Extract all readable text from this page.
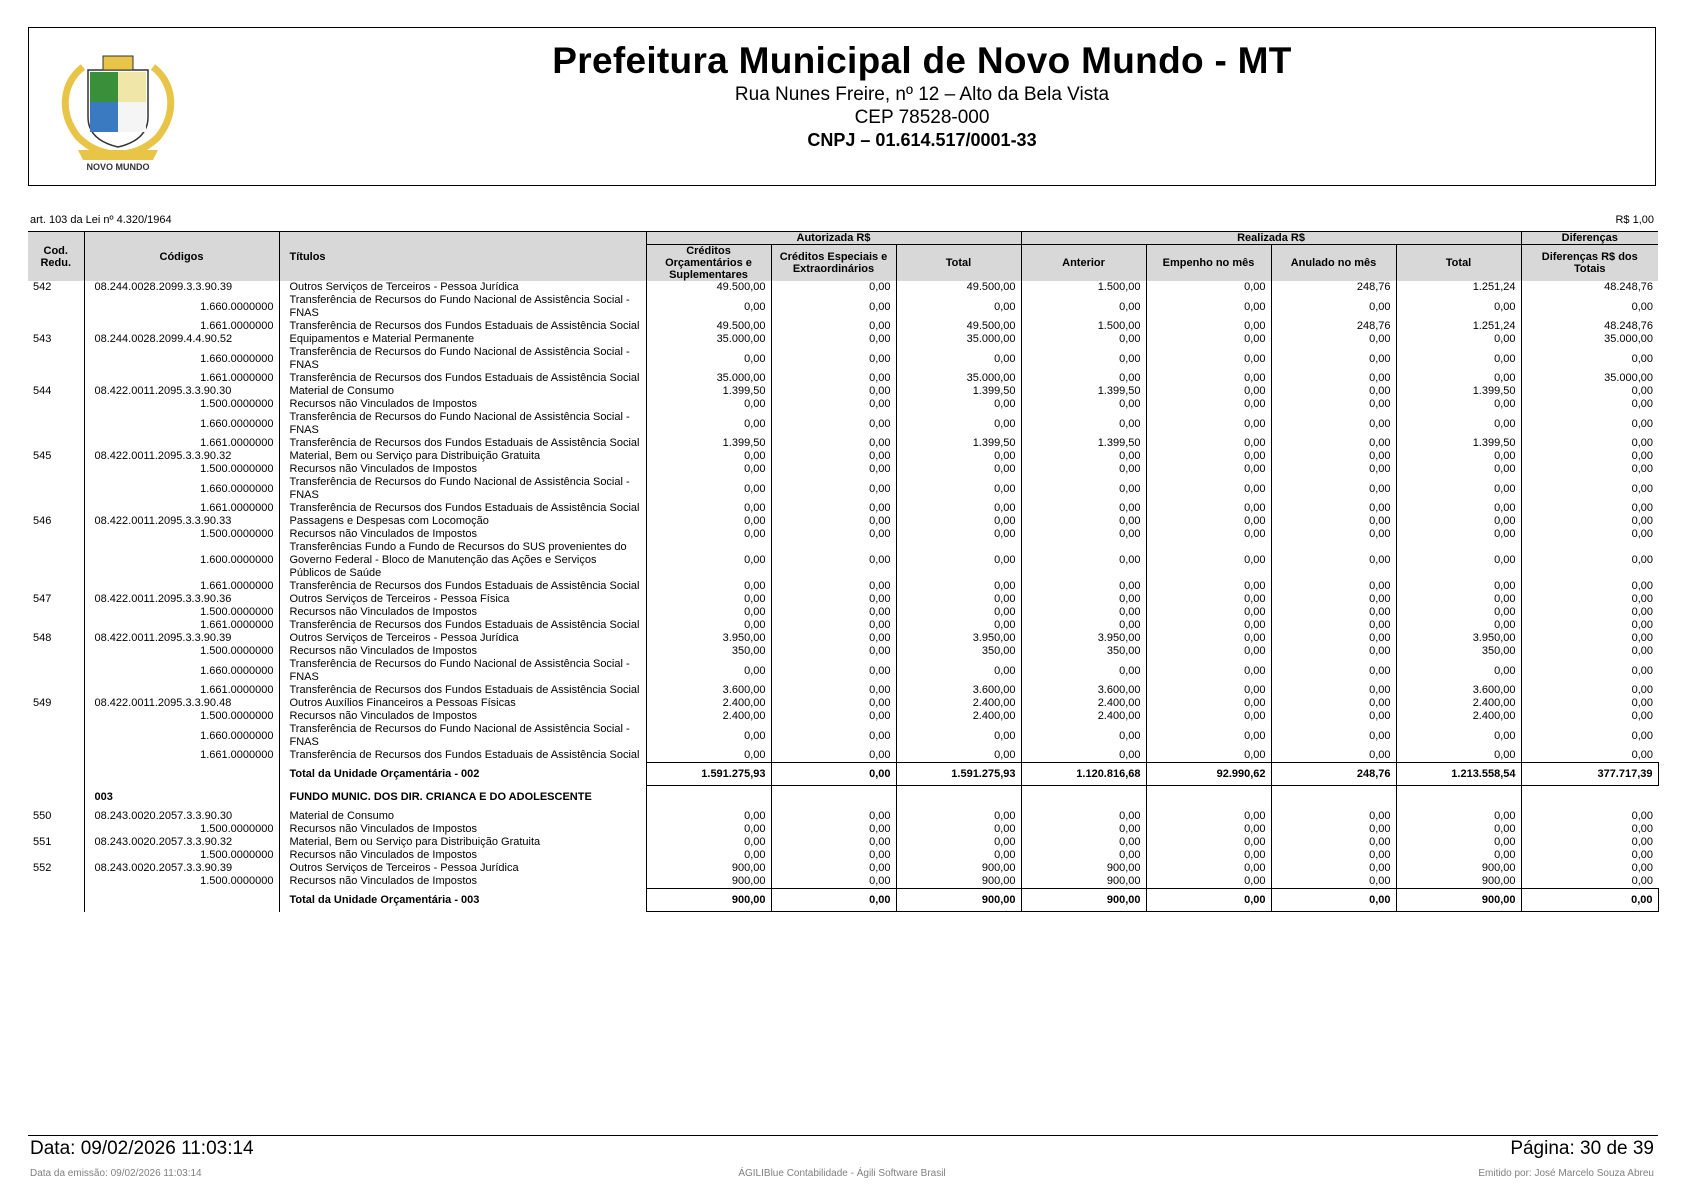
NOVO MUNDO
Prefeitura Municipal de Novo Mundo - MT
Rua Nunes Freire, nº 12 – Alto da Bela Vista
CEP 78528-000
CNPJ – 01.614.517/0001-33
art. 103 da Lei nº 4.320/1964	R$ 1,00
Cod. Redu.	Códigos	Títulos	Autorizada R$			Realizada R$				Diferenças
			Créditos Orçamentários e Suplementares	Créditos Especiais e Extraordinários	Total	Anterior	Empenho no mês	Anulado no mês	Total	Diferenças R$ dos Totais
542	08.244.0028.2099.3.3.90.39	Outros Serviços de Terceiros - Pessoa Jurídica	49.500,00	0,00	49.500,00	1.500,00	0,00	248,76	1.251,24	48.248,76
	1.660.0000000	Transferência de Recursos do Fundo Nacional de Assistência Social - FNAS	0,00	0,00	0,00	0,00	0,00	0,00	0,00	0,00
	1.661.0000000	Transferência de Recursos dos Fundos Estaduais de Assistência Social	49.500,00	0,00	49.500,00	1.500,00	0,00	248,76	1.251,24	48.248,76
543	08.244.0028.2099.4.4.90.52	Equipamentos e Material Permanente	35.000,00	0,00	35.000,00	0,00	0,00	0,00	0,00	35.000,00
	1.660.0000000	Transferência de Recursos do Fundo Nacional de Assistência Social - FNAS	0,00	0,00	0,00	0,00	0,00	0,00	0,00	0,00
	1.661.0000000	Transferência de Recursos dos Fundos Estaduais de Assistência Social	35.000,00	0,00	35.000,00	0,00	0,00	0,00	0,00	35.000,00
544	08.422.0011.2095.3.3.90.30	Material de Consumo	1.399,50	0,00	1.399,50	1.399,50	0,00	0,00	1.399,50	0,00
	1.500.0000000	Recursos não Vinculados de Impostos	0,00	0,00	0,00	0,00	0,00	0,00	0,00	0,00
	1.660.0000000	Transferência de Recursos do Fundo Nacional de Assistência Social - FNAS	0,00	0,00	0,00	0,00	0,00	0,00	0,00	0,00
	1.661.0000000	Transferência de Recursos dos Fundos Estaduais de Assistência Social	1.399,50	0,00	1.399,50	1.399,50	0,00	0,00	1.399,50	0,00
545	08.422.0011.2095.3.3.90.32	Material, Bem ou Serviço para Distribuição Gratuita	0,00	0,00	0,00	0,00	0,00	0,00	0,00	0,00
	1.500.0000000	Recursos não Vinculados de Impostos	0,00	0,00	0,00	0,00	0,00	0,00	0,00	0,00
	1.660.0000000	Transferência de Recursos do Fundo Nacional de Assistência Social - FNAS	0,00	0,00	0,00	0,00	0,00	0,00	0,00	0,00
	1.661.0000000	Transferência de Recursos dos Fundos Estaduais de Assistência Social	0,00	0,00	0,00	0,00	0,00	0,00	0,00	0,00
546	08.422.0011.2095.3.3.90.33	Passagens e Despesas com Locomoção	0,00	0,00	0,00	0,00	0,00	0,00	0,00	0,00
	1.500.0000000	Recursos não Vinculados de Impostos	0,00	0,00	0,00	0,00	0,00	0,00	0,00	0,00
	1.600.0000000	Transferências Fundo a Fundo de Recursos do SUS provenientes do Governo Federal - Bloco de Manutenção das Ações e Serviços Públicos de Saúde	0,00	0,00	0,00	0,00	0,00	0,00	0,00	0,00
	1.661.0000000	Transferência de Recursos dos Fundos Estaduais de Assistência Social	0,00	0,00	0,00	0,00	0,00	0,00	0,00	0,00
547	08.422.0011.2095.3.3.90.36	Outros Serviços de Terceiros - Pessoa Física	0,00	0,00	0,00	0,00	0,00	0,00	0,00	0,00
	1.500.0000000	Recursos não Vinculados de Impostos	0,00	0,00	0,00	0,00	0,00	0,00	0,00	0,00
	1.661.0000000	Transferência de Recursos dos Fundos Estaduais de Assistência Social	0,00	0,00	0,00	0,00	0,00	0,00	0,00	0,00
548	08.422.0011.2095.3.3.90.39	Outros Serviços de Terceiros - Pessoa Jurídica	3.950,00	0,00	3.950,00	3.950,00	0,00	0,00	3.950,00	0,00
	1.500.0000000	Recursos não Vinculados de Impostos	350,00	0,00	350,00	350,00	0,00	0,00	350,00	0,00
	1.660.0000000	Transferência de Recursos do Fundo Nacional de Assistência Social - FNAS	0,00	0,00	0,00	0,00	0,00	0,00	0,00	0,00
	1.661.0000000	Transferência de Recursos dos Fundos Estaduais de Assistência Social	3.600,00	0,00	3.600,00	3.600,00	0,00	0,00	3.600,00	0,00
549	08.422.0011.2095.3.3.90.48	Outros Auxílios Financeiros a Pessoas Físicas	2.400,00	0,00	2.400,00	2.400,00	0,00	0,00	2.400,00	0,00
	1.500.0000000	Recursos não Vinculados de Impostos	2.400,00	0,00	2.400,00	2.400,00	0,00	0,00	2.400,00	0,00
	1.660.0000000	Transferência de Recursos do Fundo Nacional de Assistência Social - FNAS	0,00	0,00	0,00	0,00	0,00	0,00	0,00	0,00
	1.661.0000000	Transferência de Recursos dos Fundos Estaduais de Assistência Social	0,00	0,00	0,00	0,00	0,00	0,00	0,00	0,00
		Total da Unidade Orçamentária - 002	1.591.275,93	0,00	1.591.275,93	1.120.816,68	92.990,62	248,76	1.213.558,54	377.717,39
	003	FUNDO MUNIC. DOS DIR. CRIANCA E DO ADOLESCENTE								
550	08.243.0020.2057.3.3.90.30	Material de Consumo	0,00	0,00	0,00	0,00	0,00	0,00	0,00	0,00
	1.500.0000000	Recursos não Vinculados de Impostos	0,00	0,00	0,00	0,00	0,00	0,00	0,00	0,00
551	08.243.0020.2057.3.3.90.32	Material, Bem ou Serviço para Distribuição Gratuita	0,00	0,00	0,00	0,00	0,00	0,00	0,00	0,00
	1.500.0000000	Recursos não Vinculados de Impostos	0,00	0,00	0,00	0,00	0,00	0,00	0,00	0,00
552	08.243.0020.2057.3.3.90.39	Outros Serviços de Terceiros - Pessoa Jurídica	900,00	0,00	900,00	900,00	0,00	0,00	900,00	0,00
	1.500.0000000	Recursos não Vinculados de Impostos	900,00	0,00	900,00	900,00	0,00	0,00	900,00	0,00
		Total da Unidade Orçamentária - 003	900,00	0,00	900,00	900,00	0,00	0,00	900,00	0,00
Data: 09/02/2026 11:03:14	Página: 30 de 39
Data da emissão: 09/02/2026 11:03:14	ÁGILIBlue Contabilidade - Ágili Software Brasil	Emitido por: José Marcelo Souza Abreu
